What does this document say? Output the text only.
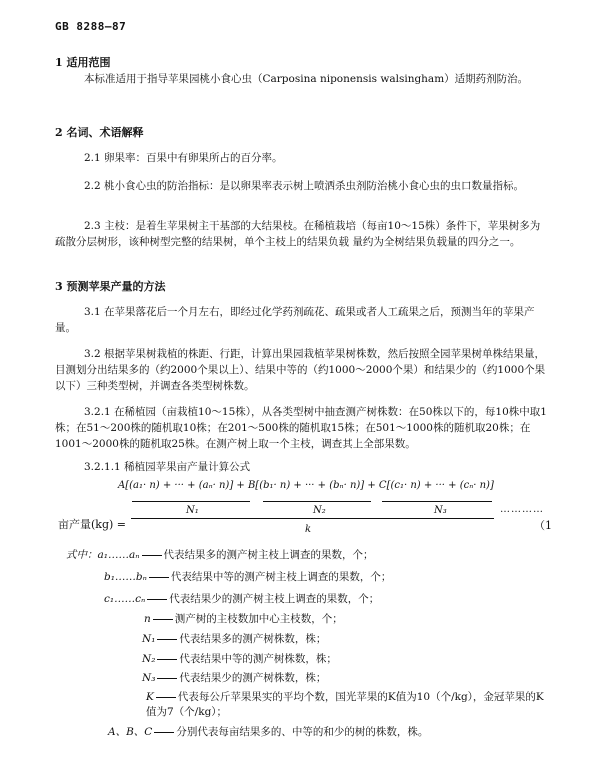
GB 8288—87
1 适用范围
本标准适用于指导苹果园桃小食心虫（Carposina niponensis walsingham）适期药剂防治。
2 名词、术语解释
2.1 卵果率：百果中有卵果所占的百分率。
2.2 桃小食心虫的防治指标：是以卵果率表示树上喷洒杀虫剂防治桃小食心虫的虫口数量指标。
2.3 主枝：是着生苹果树主干基部的大结果枝。在稀植栽培（每亩10～15株）条件下，苹果树多为疏散分层树形，该种树型完整的结果树，单个主枝上的结果负载 量约为全树结果负载量的四分之一。
3 预测苹果产量的方法
3.1 在苹果落花后一个月左右，即经过化学药剂疏花、疏果或者人工疏果之后，预测当年的苹果产量。
3.2 根据苹果树栽植的株距、行距，计算出果园栽植苹果树株数，然后按照全园苹果树单株结果量，目测划分出结果多的（约2000个果以上）、结果中等的（约1000～2000个果）和结果少的（约1000个果以下）三种类型树，并调查各类型树株数。
3.2.1 在稀植园（亩栽植10～15株），从各类型树中抽查测产树株数：在50株以下的，每10株中取1株；在51～200株的随机取10株；在201～500株的随机取15株；在501～1000株的随机取20株；在1001～2000株的随机取25株。在测产树上取一个主枝，调查其上全部果数。
3.2.1.1 稀植园苹果亩产量计算公式
A[(a₁· n) + ··· + (aₙ· n)] + B[(b₁· n) + ··· + (bₙ· n)] + C[(c₁· n) + ··· + (cₙ· n)]
N₁	N₂	N₃	…………
亩产量(kg) =	（1
k
式中：a₁……aₙ 代表结果多的测产树主枝上调查的果数，个；
b₁……bₙ 代表结果中等的测产树主枝上调查的果数，个；
c₁……cₙ 代表结果少的测产树主枝上调查的果数，个；
n 测产树的主枝数加中心主枝数，个；
N₁ 代表结果多的测产树株数，株；
N₂ 代表结果中等的测产树株数，株；
N₃ 代表结果少的测产树株数，株；
K 代表每公斤苹果果实的平均个数，国光苹果的K值为10（个/kg），金冠苹果的K值为7（个/kg）；
A、B、C 分别代表每亩结果多的、中等的和少的树的株数，株。
